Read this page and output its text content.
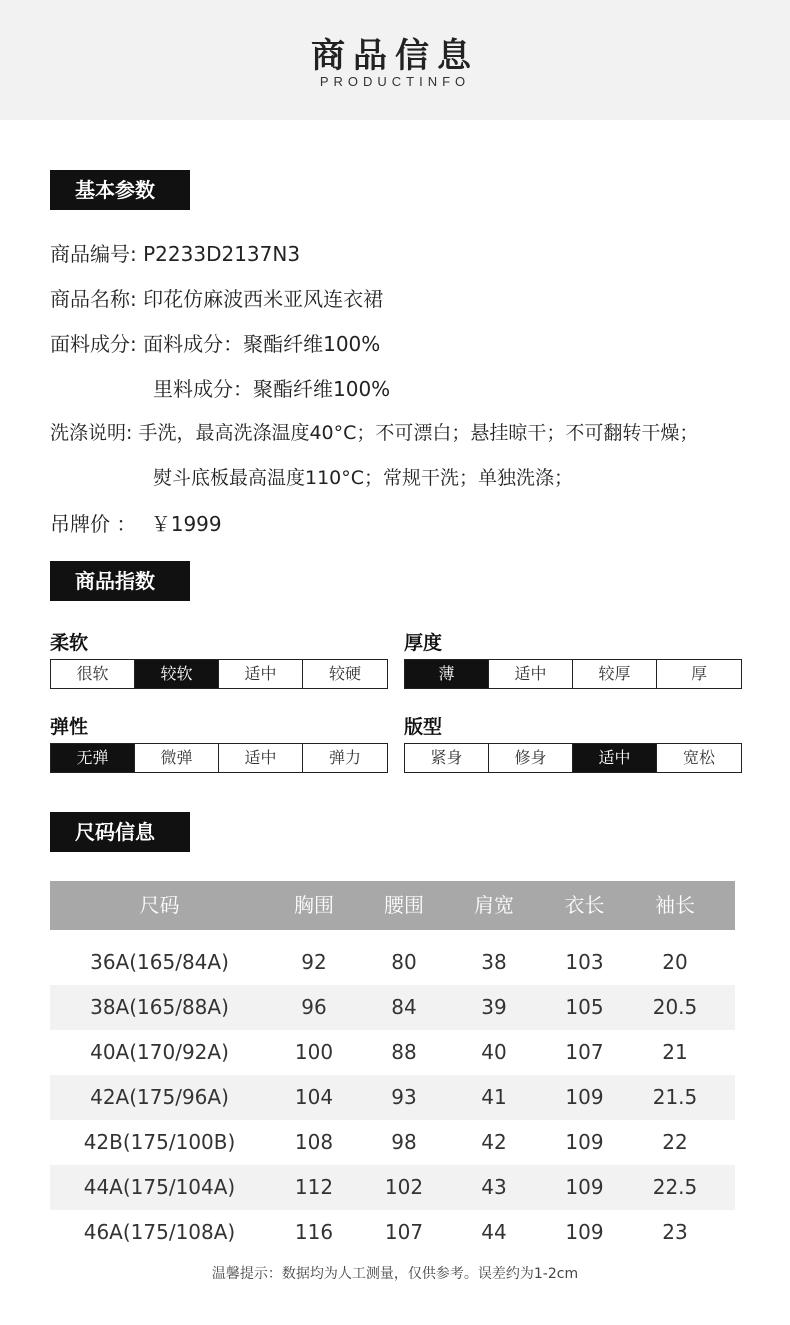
商品信息
PRODUCTINFO
基本参数
商品编号: P2233D2137N3
商品名称: 印花仿麻波西米亚风连衣裙
面料成分: 面料成分：聚酯纤维100%
里料成分：聚酯纤维100%
洗涤说明: 手洗，最高洗涤温度40°C；不可漂白；悬挂晾干；不可翻转干燥；
熨斗底板最高温度110°C；常规干洗；单独洗涤；
吊牌价 ： ￥1999
商品指数
柔软
很软	较软	适中	较硬
厚度
薄	适中	较厚	厚
弹性
无弹	微弹	适中	弹力
版型
紧身	修身	适中	宽松
尺码信息
尺码	胸围	腰围	肩宽	衣长	袖长
36A(165/84A)	92	80	38	103	20
38A(165/88A)	96	84	39	105	20.5
40A(170/92A)	100	88	40	107	21
42A(175/96A)	104	93	41	109	21.5
42B(175/100B)	108	98	42	109	22
44A(175/104A)	112	102	43	109	22.5
46A(175/108A)	116	107	44	109	23
温馨提示：数据均为人工测量，仅供参考。误差约为1-2cm
